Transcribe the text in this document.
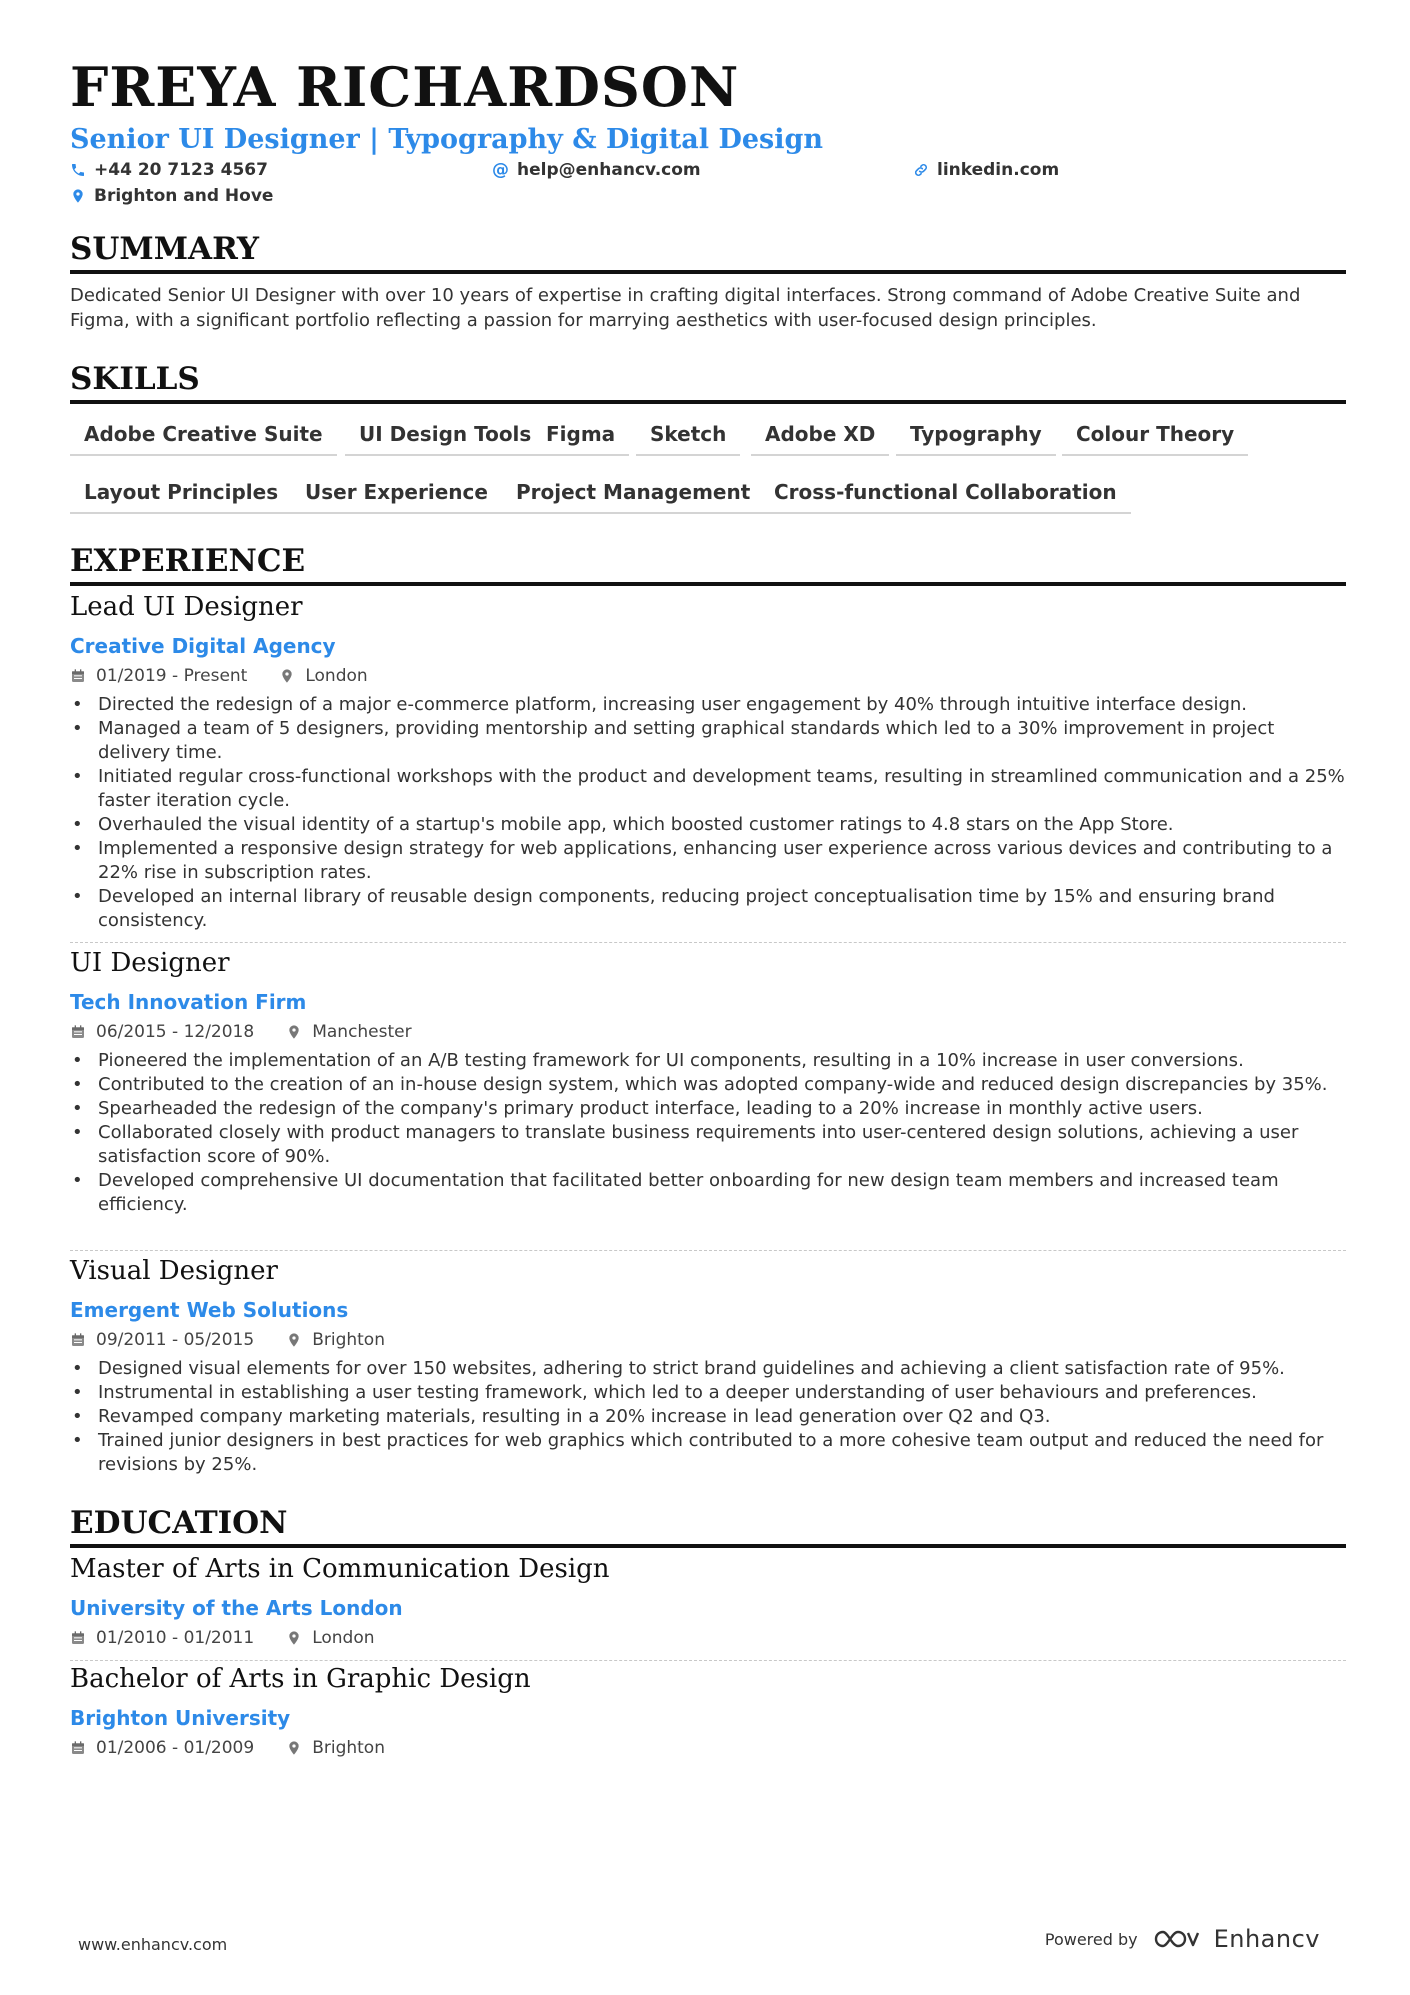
FREYA RICHARDSON
Senior UI Designer | Typography & Digital Design
+44 20 7123 4567	@ help@enhancv.com	linkedin.com
Brighton and Hove
SUMMARY
Dedicated Senior UI Designer with over 10 years of expertise in crafting digital interfaces. Strong command of Adobe Creative Suite and Figma, with a significant portfolio reflecting a passion for marrying aesthetics with user-focused design principles.
SKILLS
Adobe Creative Suite	UI Design Tools Figma	Sketch	Adobe XD	Typography	Colour Theory
Layout Principles	User Experience	Project Management	Cross-functional Collaboration
EXPERIENCE
Lead UI Designer
Creative Digital Agency
01/2019 - Present	London
• Directed the redesign of a major e-commerce platform, increasing user engagement by 40% through intuitive interface design.
• Managed a team of 5 designers, providing mentorship and setting graphical standards which led to a 30% improvement in project delivery time.
• Initiated regular cross-functional workshops with the product and development teams, resulting in streamlined communication and a 25% faster iteration cycle.
• Overhauled the visual identity of a startup's mobile app, which boosted customer ratings to 4.8 stars on the App Store.
• Implemented a responsive design strategy for web applications, enhancing user experience across various devices and contributing to a 22% rise in subscription rates.
• Developed an internal library of reusable design components, reducing project conceptualisation time by 15% and ensuring brand consistency.
UI Designer
Tech Innovation Firm
06/2015 - 12/2018	Manchester
• Pioneered the implementation of an A/B testing framework for UI components, resulting in a 10% increase in user conversions.
• Contributed to the creation of an in-house design system, which was adopted company-wide and reduced design discrepancies by 35%.
• Spearheaded the redesign of the company's primary product interface, leading to a 20% increase in monthly active users.
• Collaborated closely with product managers to translate business requirements into user-centered design solutions, achieving a user satisfaction score of 90%.
• Developed comprehensive UI documentation that facilitated better onboarding for new design team members and increased team efficiency.
Visual Designer
Emergent Web Solutions
09/2011 - 05/2015	Brighton
• Designed visual elements for over 150 websites, adhering to strict brand guidelines and achieving a client satisfaction rate of 95%.
• Instrumental in establishing a user testing framework, which led to a deeper understanding of user behaviours and preferences.
• Revamped company marketing materials, resulting in a 20% increase in lead generation over Q2 and Q3.
• Trained junior designers in best practices for web graphics which contributed to a more cohesive team output and reduced the need for revisions by 25%.
EDUCATION
Master of Arts in Communication Design
University of the Arts London
01/2010 - 01/2011	London
Bachelor of Arts in Graphic Design
Brighton University
01/2006 - 01/2009	Brighton
www.enhancv.com	Powered by	Enhancv
